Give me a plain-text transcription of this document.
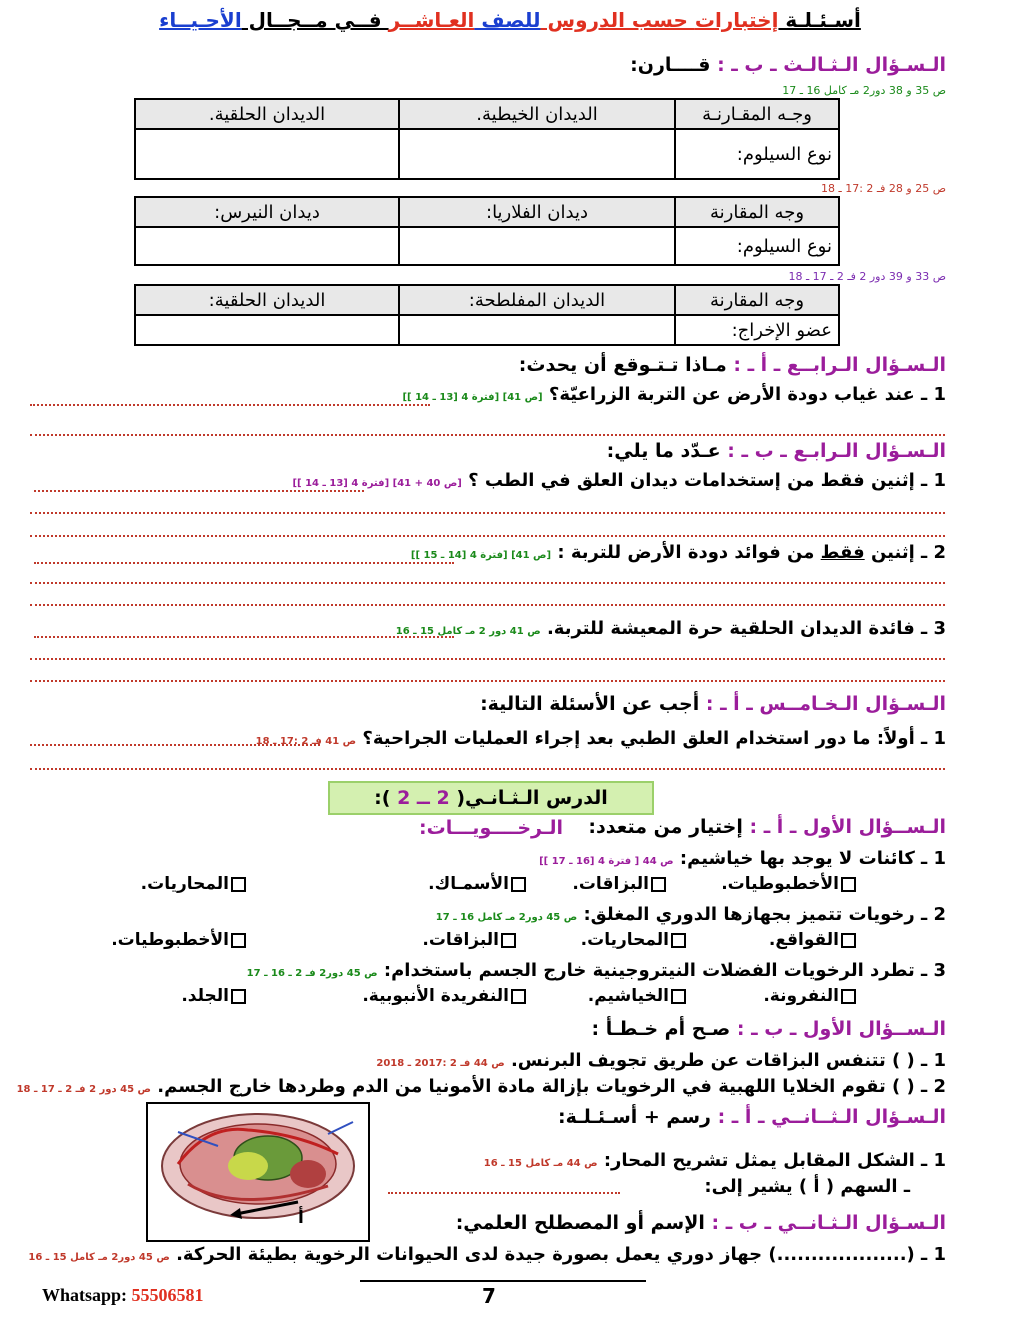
أسـئـلـة إختبارات حسب الدروس للصف العـاشــر فــي مــجــال الأحـيــاء
الـسـؤال الـثـالـث ـ ب ـ : قــــارن:
ص 35 و 38 دور2 مـ كامل 16 ـ 17
وجـه المقـارنـة	الديدان الخيطية.	الديدان الحلقية.
نوع السيلوم:		
ص 25 و 28 فـ 2 :17 ـ 18
وجه المقارنة	ديدان الفلاريا:	ديدان النيرس:
نوع السيلوم:		
ص 33 و 39 دور 2 فـ 2 ـ 17 ـ 18
وجه المقارنة	الديدان المفلطحة:	الديدان الحلقية:
عضو الإخراج:		
الـسـؤال الـرابــع ـ أ ـ : مـاذا تـتـوقع أن يحدث:
1 ـ عند غياب دودة الأرض عن التربة الزراعيّة؟ [ص 41] [فترة 4 [13 ـ 14 ]]
الـسـؤال الـرابـع ـ ب ـ : عـدّد ما يلي:
1 ـ إثنين فقط من إستخدامات ديدان العلق في الطب ؟ [ص 40 + 41] [فترة 4 [13 ـ 14 ]]
2 ـ إثنين فقط من فوائد دودة الأرض للتربة : [ص 41] [فترة 4 [14 ـ 15 ]]
3 ـ فائدة الديدان الحلقية حرة المعيشة للتربة. ص 41 دور 2 مـ كامل 15 ـ 16
الـسـؤال الـخـامــس ـ أ ـ : أجب عن الأسئلة التالية:
1 ـ أولاً: ما دور استخدام العلق الطبي بعد إجراء العمليات الجراحية؟ ص 41 فـ 2 :17 ـ 18
الدرس الـثـانـي( 2 ــ 2 ): الـرخــــويـــات:	الـســؤال الأول ـ أ ـ : إختيار من متعدد:
1 ـ كائنات لا يوجد بها خياشيم: ص 44 [ فترة 4 [16 ـ 17 ]]
الأخطبوطيات.
البزاقات.
الأسمـاك.
المحاريات.
2 ـ رخويات تتميز بجهازها الدوري المغلق: ص 45 دور2 مـ كامل 16 ـ 17
القواقع.
المحاريات.
البزاقات.
الأخطبوطيات.
3 ـ تطرد الرخويات الفضلات النيتروجينية خارج الجسم باستخدام: ص 45 دور2 فـ 2 ـ 16 ـ 17
النفرونة.
الخياشيم.
النفريدة الأنبوبية.
الجلد.
الـســؤال الأول ـ ب ـ : صـح أم خـطـأ :
1 ـ ( ) تتنفس البزاقات عن طريق تجويف البرنس. ص 44 فـ 2 :2017 ـ 2018
2 ـ ( ) تقوم الخلايا اللهبية في الرخويات بإزالة مادة الأمونيا من الدم وطردها خارج الجسم. ص 45 دور 2 فـ 2 ـ 17 ـ 18
الـسـؤال الـثــانــي ـ أ ـ : رسم + أسـئـلـة:
1 ـ الشكل المقابل يمثل تشريح المحار: ص 44 مـ كامل 15 ـ 16
ـ السهم ( أ ) يشير إلى:
أ	الـسـؤال الـثـانــي ـ ب ـ : الإسم أو المصطلح العلمي:
1 ـ (...................) جهاز دوري يعمل بصورة جيدة لدى الحيوانات الرخوية بطيئة الحركة. ص 45 دور2 مـ كامل 15 ـ 16
Whatsapp: 55506581	7
